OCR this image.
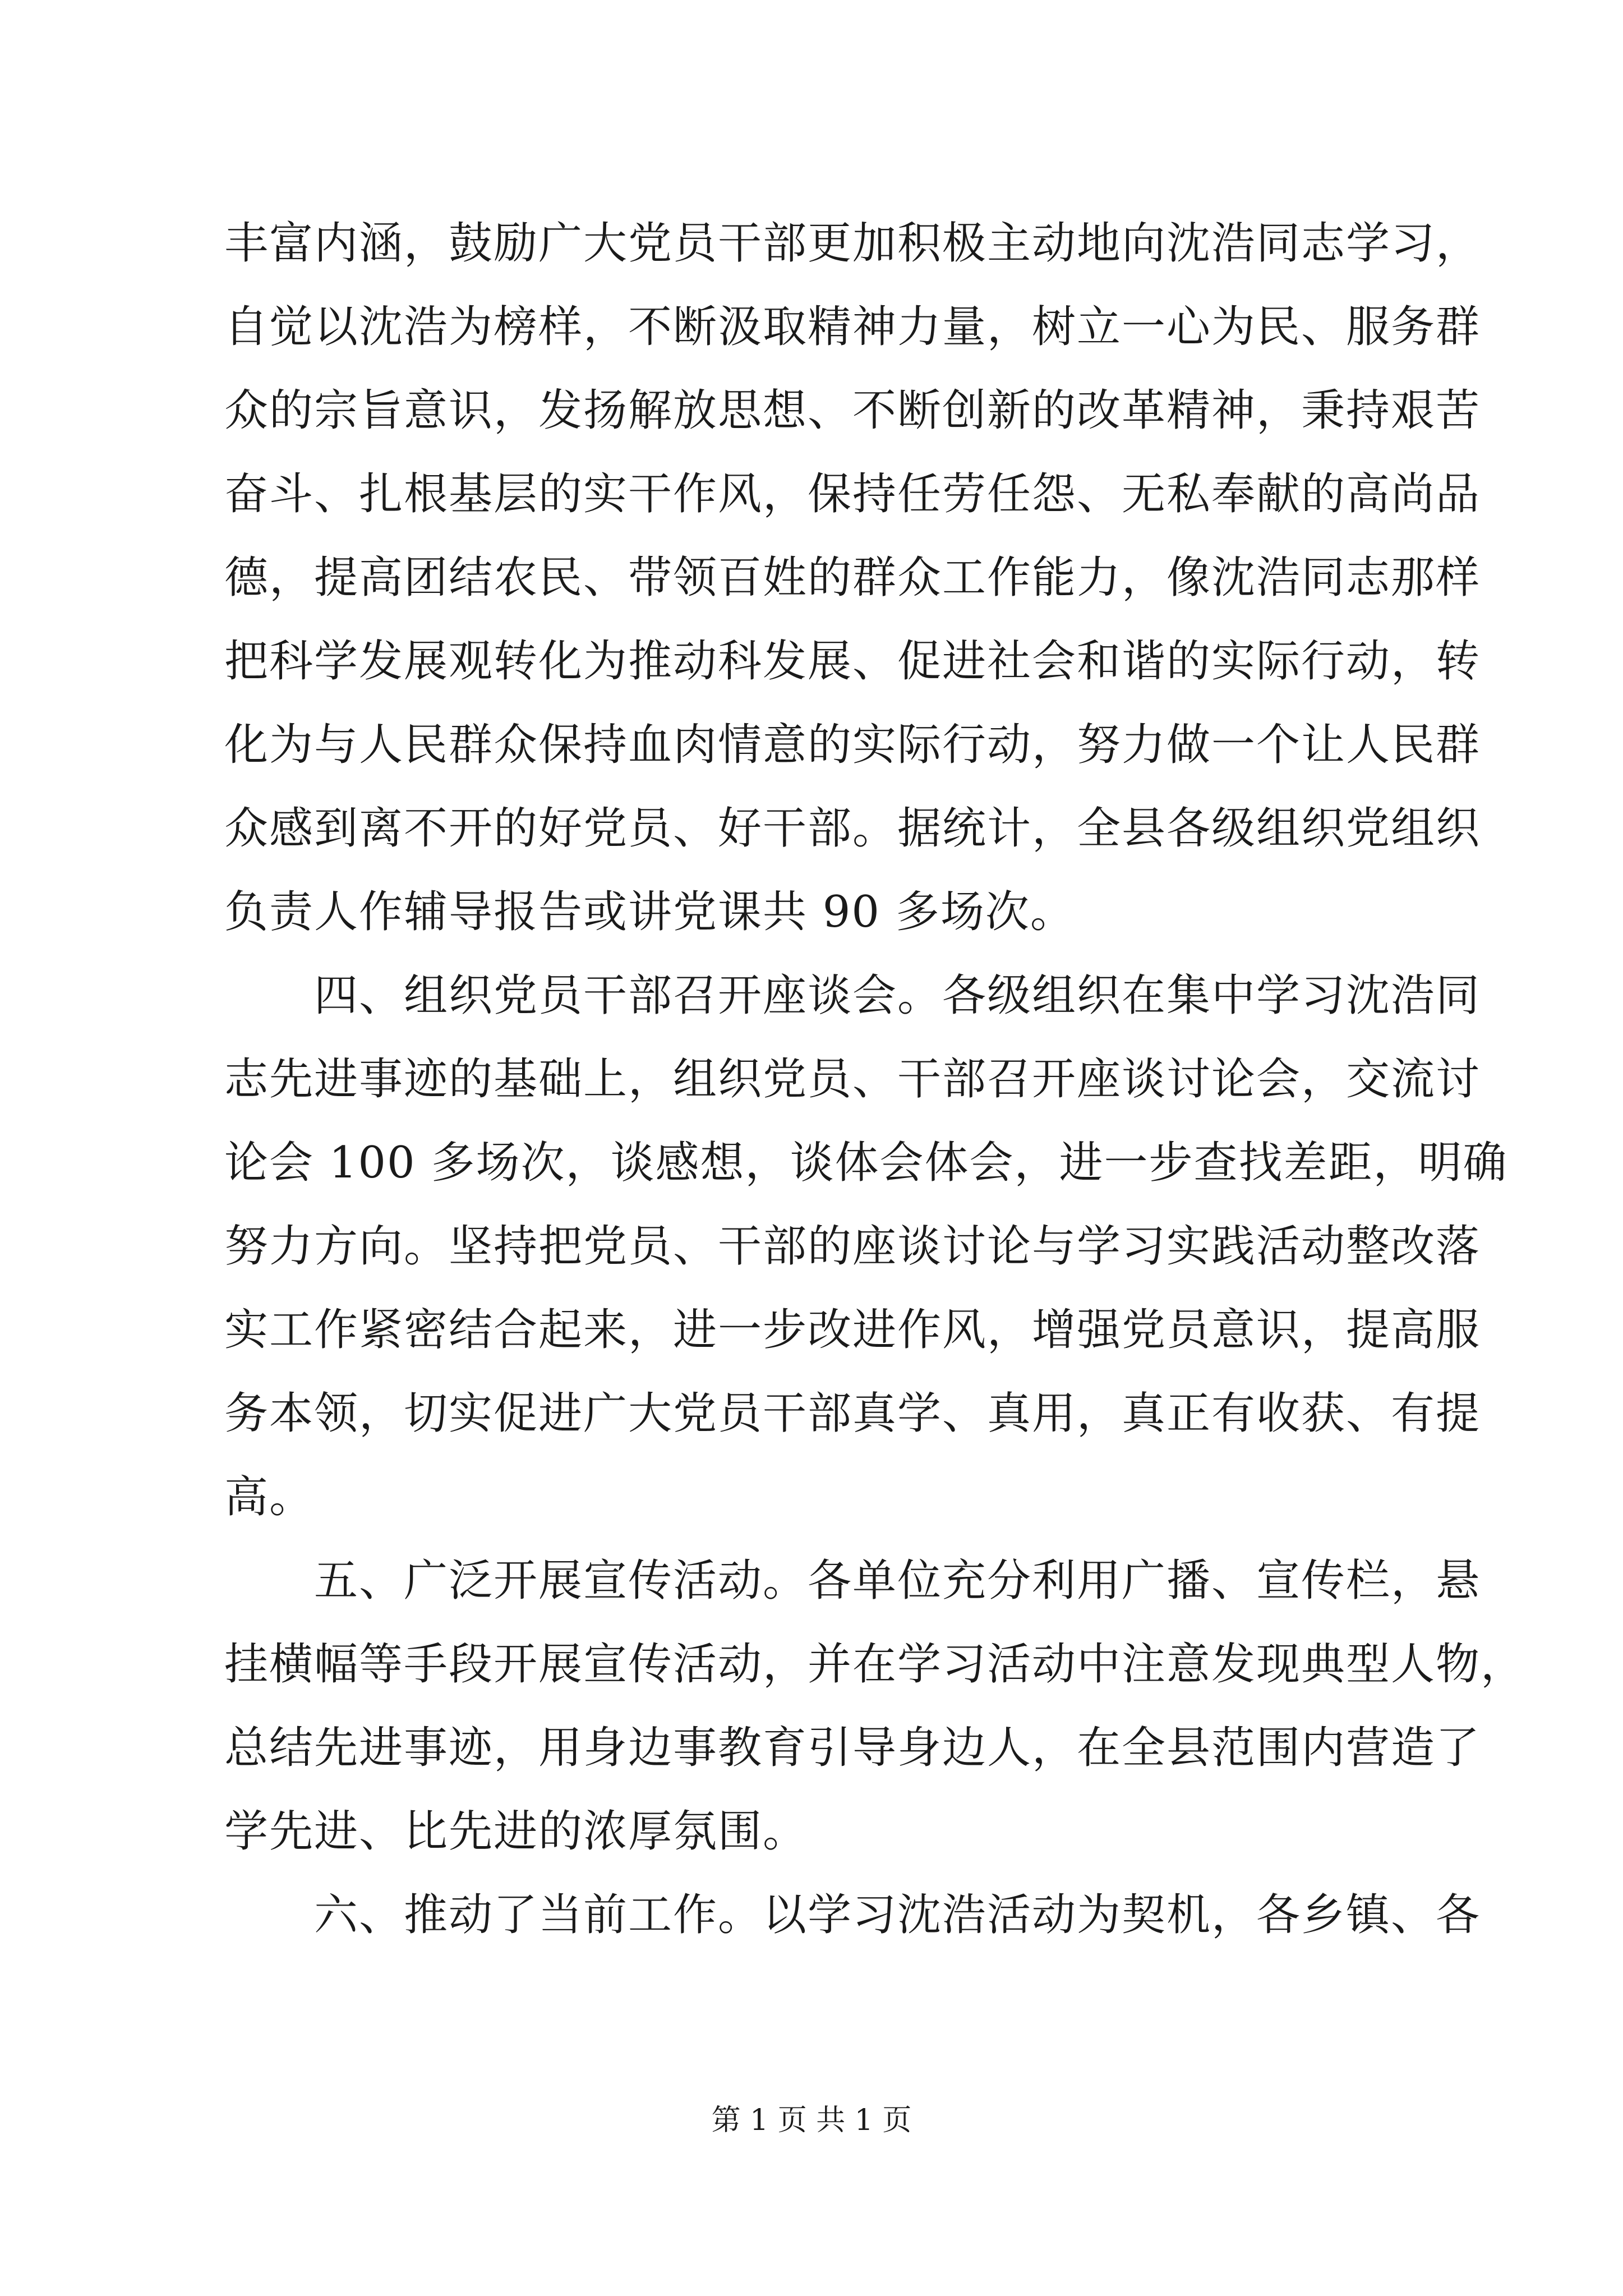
丰富内涵，鼓励广大党员干部更加积极主动地向沈浩同志学习，
自觉以沈浩为榜样，不断汲取精神力量，树立一心为民、服务群
众的宗旨意识，发扬解放思想、不断创新的改革精神，秉持艰苦
奋斗、扎根基层的实干作风，保持任劳任怨、无私奉献的高尚品
德，提高团结农民、带领百姓的群众工作能力，像沈浩同志那样
把科学发展观转化为推动科发展、促进社会和谐的实际行动，转
化为与人民群众保持血肉情意的实际行动，努力做一个让人民群
众感到离不开的好党员、好干部。据统计，全县各级组织党组织
负责人作辅导报告或讲党课共 90 多场次。
　　四、组织党员干部召开座谈会。各级组织在集中学习沈浩同
志先进事迹的基础上，组织党员、干部召开座谈讨论会，交流讨
论会 100 多场次，谈感想，谈体会体会，进一步查找差距，明确
努力方向。坚持把党员、干部的座谈讨论与学习实践活动整改落
实工作紧密结合起来，进一步改进作风，增强党员意识，提高服
务本领，切实促进广大党员干部真学、真用，真正有收获、有提
高。
　　五、广泛开展宣传活动。各单位充分利用广播、宣传栏，悬
挂横幅等手段开展宣传活动，并在学习活动中注意发现典型人物，
总结先进事迹，用身边事教育引导身边人，在全县范围内营造了
学先进、比先进的浓厚氛围。
　　六、推动了当前工作。以学习沈浩活动为契机，各乡镇、各
第 1 页 共 1 页
